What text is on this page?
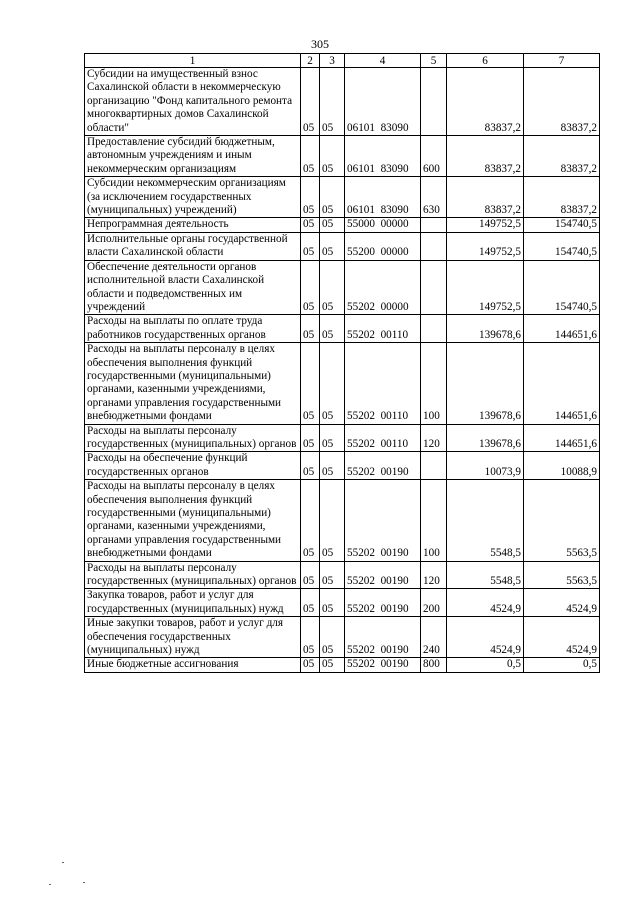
305
1	2	3	4	5	6	7
Субсидии на имущественный взнос Сахалинской области в некоммерческую организацию "Фонд капитального ремонта многоквартирных домов Сахалинской области"	05	05	06101  83090		83837,2	83837,2
Предоставление субсидий бюджетным, автономным учреждениям и иным некоммерческим организациям	05	05	06101  83090	600	83837,2	83837,2
Субсидии некоммерческим организациям (за исключением государственных (муниципальных) учреждений)	05	05	06101  83090	630	83837,2	83837,2
Непрограммная деятельность	05	05	55000  00000		149752,5	154740,5
Исполнительные органы государственной власти Сахалинской области	05	05	55200  00000		149752,5	154740,5
Обеспечение деятельности органов исполнительной власти Сахалинской области и подведомственных им учреждений	05	05	55202  00000		149752,5	154740,5
Расходы на выплаты по оплате труда работников государственных органов	05	05	55202  00110		139678,6	144651,6
Расходы на выплаты персоналу в целях обеспечения выполнения функций государственными (муниципальными) органами, казенными учреждениями, органами управления государственными внебюджетными фондами	05	05	55202  00110	100	139678,6	144651,6
Расходы на выплаты персоналу государственных (муниципальных) органов	05	05	55202  00110	120	139678,6	144651,6
Расходы на обеспечение функций государственных органов	05	05	55202  00190		10073,9	10088,9
Расходы на выплаты персоналу в целях обеспечения выполнения функций государственными (муниципальными) органами, казенными учреждениями, органами управления государственными внебюджетными фондами	05	05	55202  00190	100	5548,5	5563,5
Расходы на выплаты персоналу государственных (муниципальных) органов	05	05	55202  00190	120	5548,5	5563,5
Закупка товаров, работ и услуг для государственных (муниципальных) нужд	05	05	55202  00190	200	4524,9	4524,9
Иные закупки товаров, работ и услуг для обеспечения государственных (муниципальных) нужд	05	05	55202  00190	240	4524,9	4524,9
Иные бюджетные ассигнования	05	05	55202  00190	800	0,5	0,5
